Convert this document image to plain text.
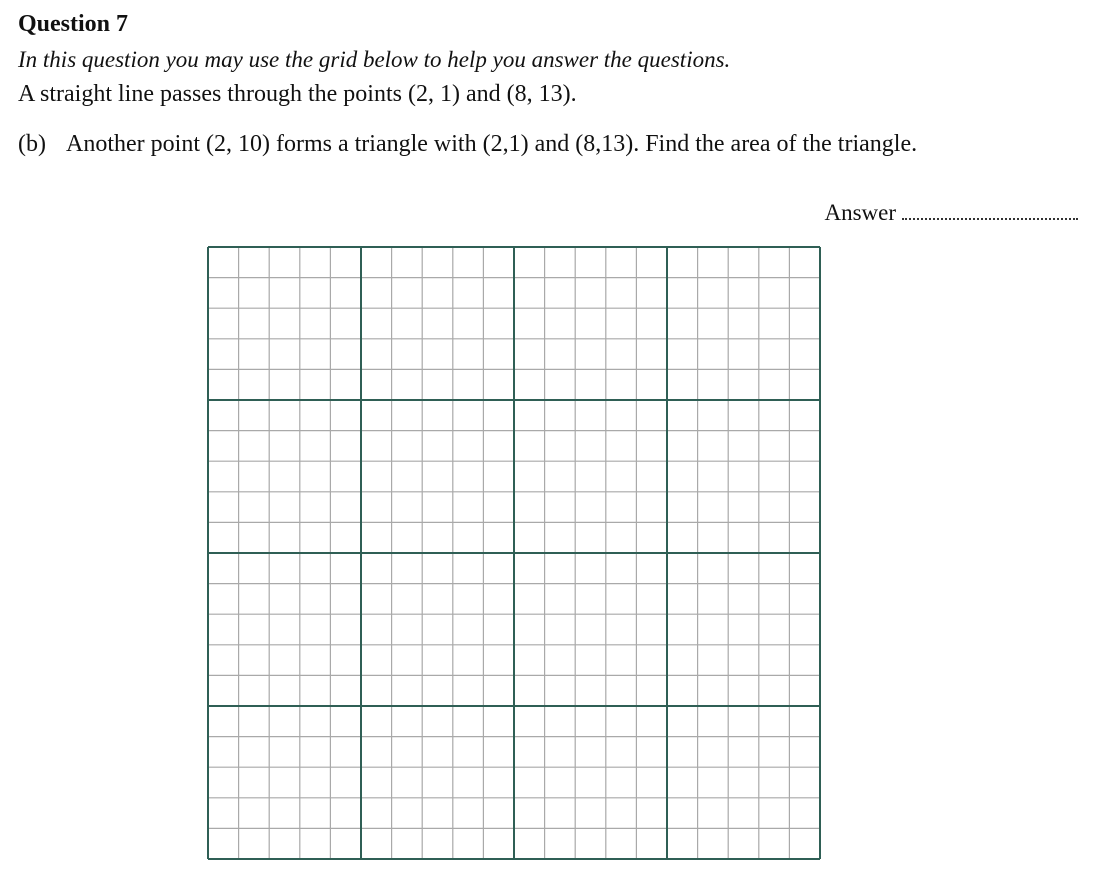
Question 7

In this question you may use the grid below to help you answer the questions.

A straight line passes through the points (2, 1) and (8, 13).

(b) Another point (2, 10) forms a triangle with (2,1) and (8,13). Find the area of the triangle.

Answer
